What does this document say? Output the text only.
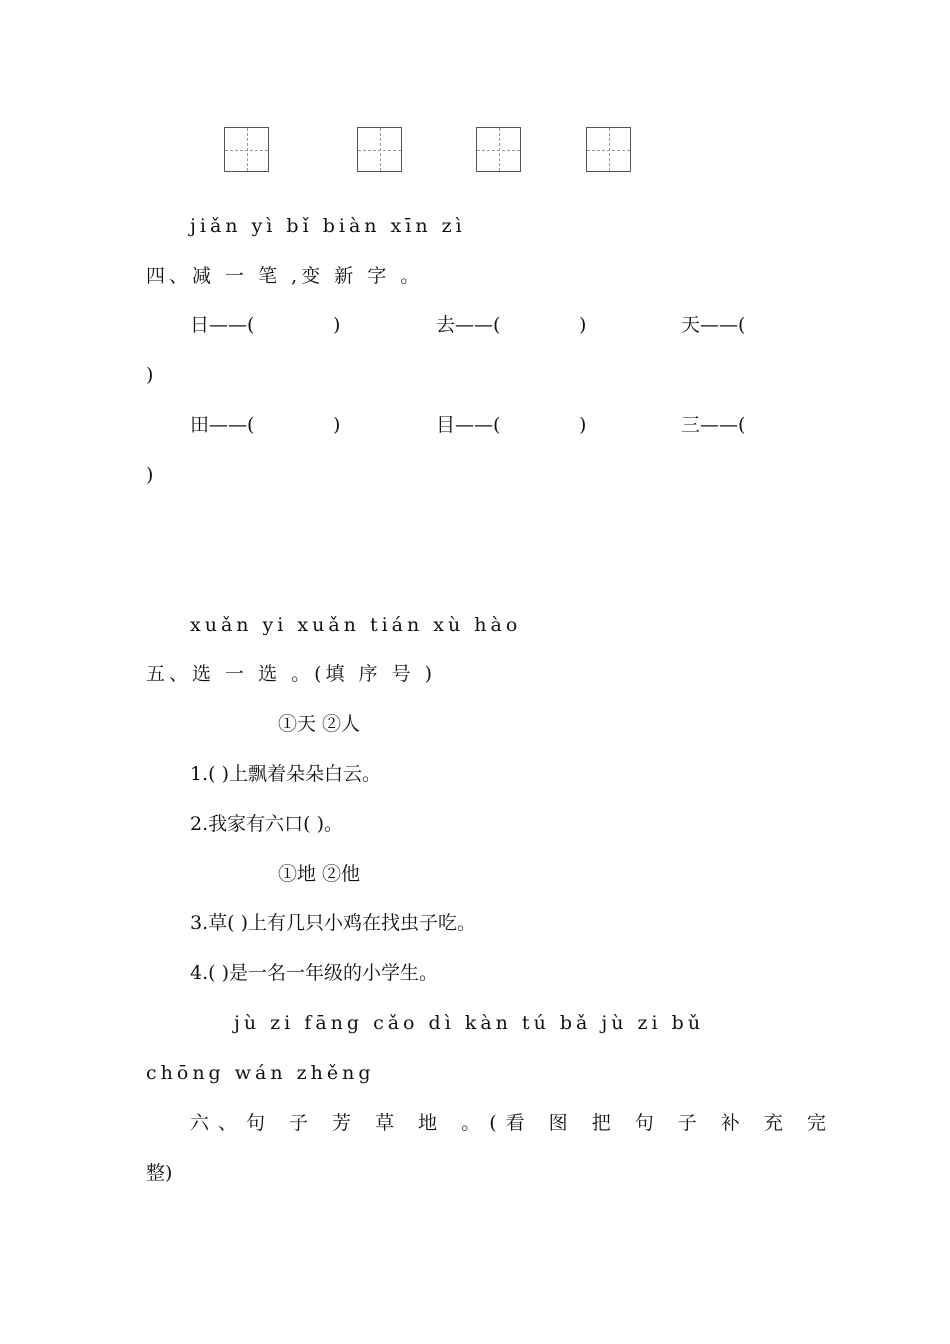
jiǎn yì bǐ biàn xīn zì
四、减 一 笔 ,变 新 字 。
日——(	)	去——(	)	天——(
)
田——(	)	目——(	)	三——(
)
xuǎn yi xuǎn tián xù hào
五、选 一 选 。(填 序 号 )
①天 ②人
1.( )上飘着朵朵白云。
2.我家有六口( )。
①地 ②他
3.草( )上有几只小鸡在找虫子吃。
4.( )是一名一年级的小学生。
jù zi fāng cǎo dì kàn tú bǎ jù zi bǔ
chōng wán zhěng
六、句 子 芳 草 地 。(看 图 把 句 子 补 充 完
整)
